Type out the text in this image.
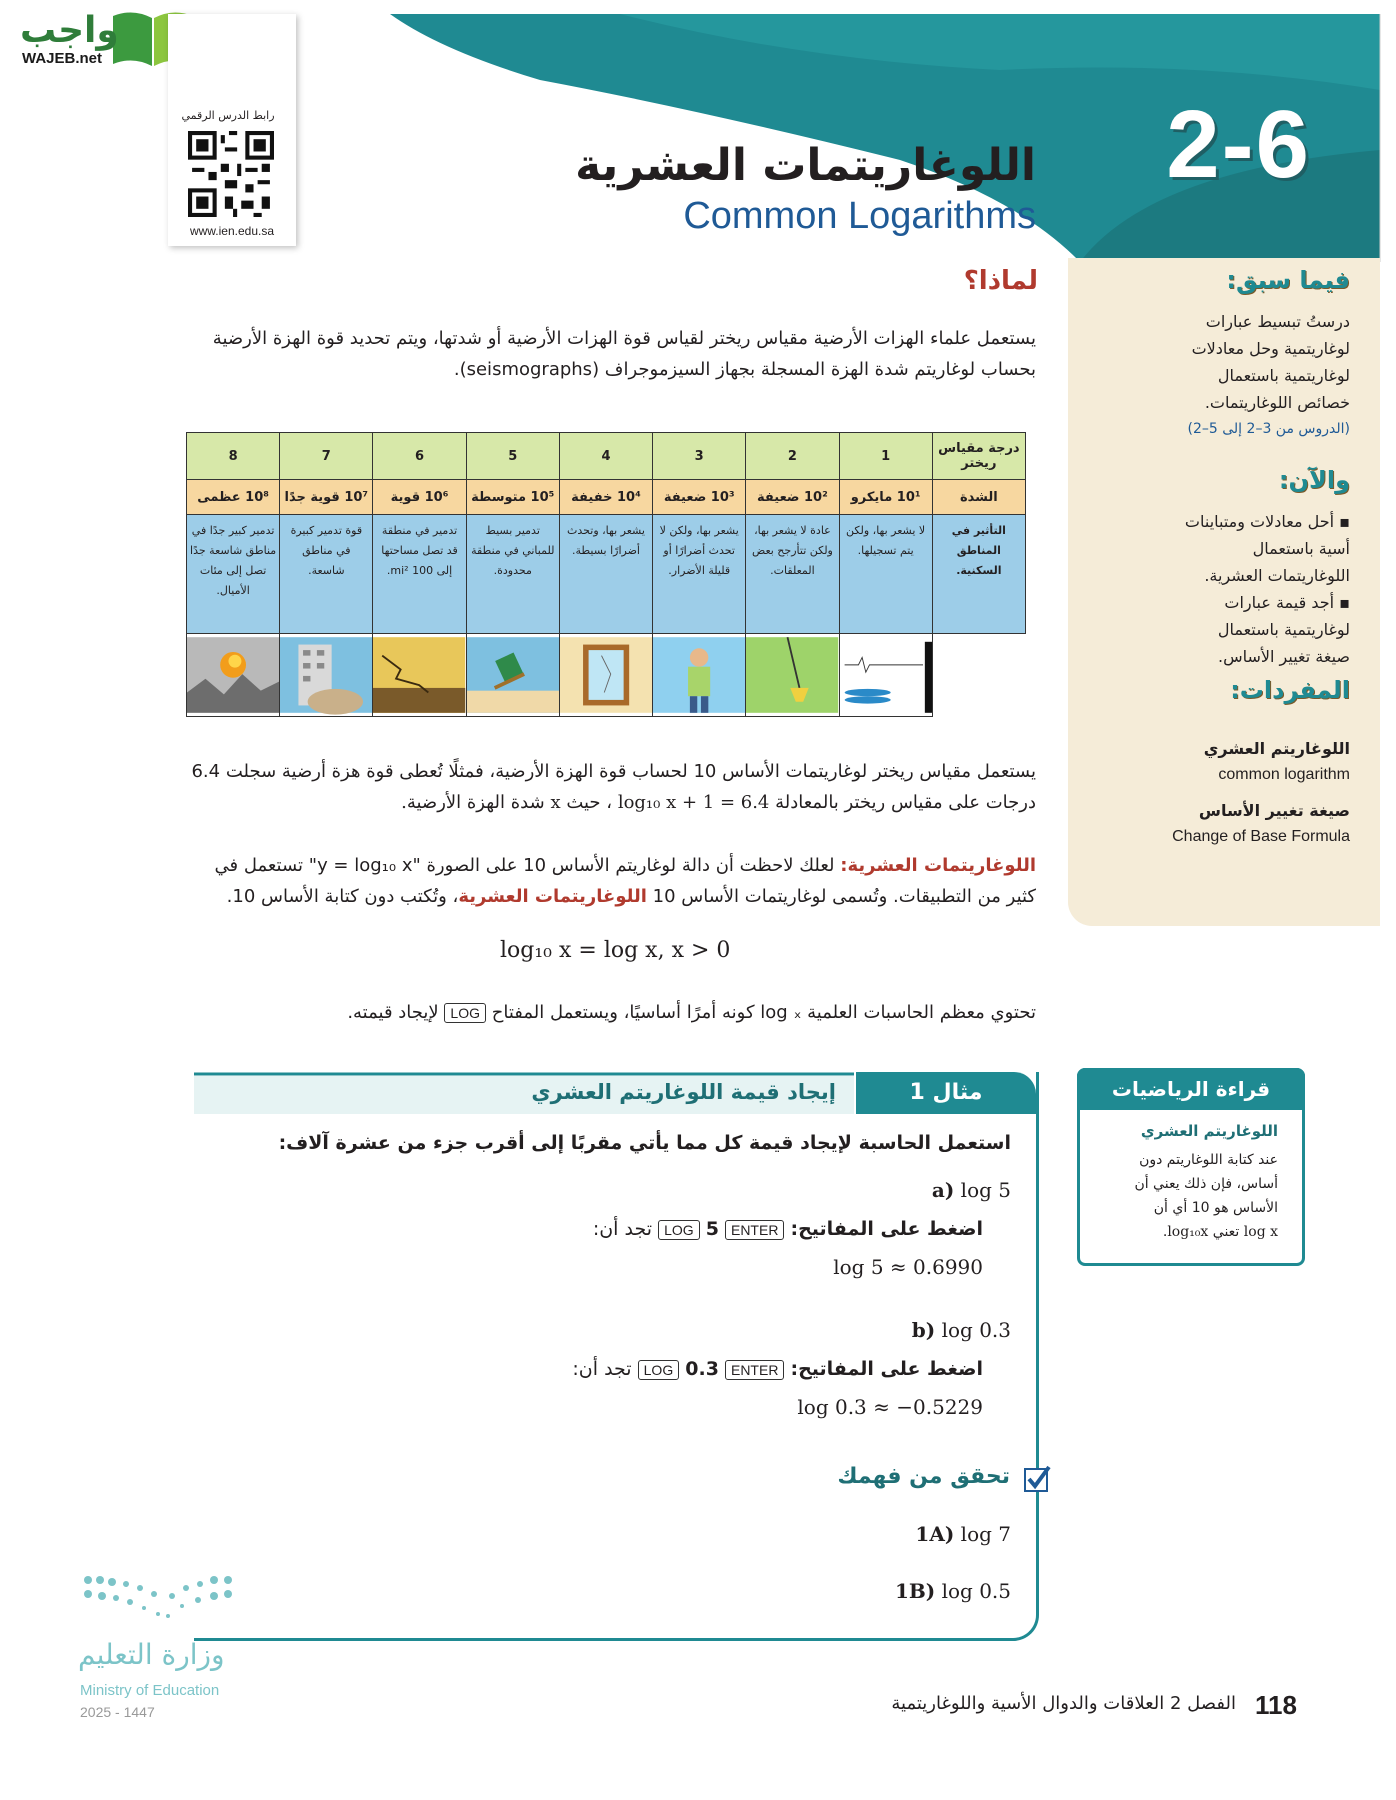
2-6
اللوغاريتمات العشرية
Common Logarithms
واجب
WAJEB.net
رابط الدرس الرقمي
www.ien.edu.sa
فيما سبق:
درستُ تبسيط عبارات
لوغاريتمية وحل معادلات
لوغاريتمية باستعمال
خصائص اللوغاريتمات.
(الدروس من 3–2 إلى 5–2)
والآن:
▪ أحل معادلات ومتباينات
أسية باستعمال
اللوغاريتمات العشرية.
▪ أجد قيمة عبارات
لوغاريتمية باستعمال
صيغة تغيير الأساس.
المفردات:
اللوغاريتم العشري
common logarithm
صيغة تغيير الأساس
Change of Base Formula
لماذا؟
يستعمل علماء الهزات الأرضية مقياس ريختر لقياس قوة الهزات الأرضية أو شدتها، ويتم تحديد قوة الهزة الأرضية بحساب لوغاريتم شدة الهزة المسجلة بجهاز السيزموجراف (seismographs).
8	7	6	5	4	3	2	1	درجة مقياس ريختر
10⁸ عظمى	10⁷ قوية جدًا	10⁶ قوية	10⁵ متوسطة	10⁴ خفيفة	10³ ضعيفة	10² ضعيفة	10¹ مايكرو	الشدة
تدمير كبير جدًا في مناطق شاسعة جدًا تصل إلى مئات الأميال.	قوة تدمير كبيرة في مناطق شاسعة.	تدمير في منطقة قد تصل مساحتها إلى 100 mi².	تدمير بسيط للمباني في منطقة محدودة.	يشعر بها، وتحدث أضرارًا بسيطة.	يشعر بها، ولكن لا تحدث أضرارًا أو قليلة الأضرار.	عادة لا يشعر بها، ولكن تتأرجح بعض المعلقات.	لا يشعر بها، ولكن يتم تسجيلها.	التأثير في المناطق السكنية.

يستعمل مقياس ريختر لوغاريتمات الأساس 10 لحساب قوة الهزة الأرضية، فمثلًا تُعطى قوة هزة أرضية سجلت 6.4
درجات على مقياس ريختر بالمعادلة 6.4 = 1 + log₁₀ x ، حيث x شدة الهزة الأرضية.
اللوغاريتمات العشرية: لعلك لاحظت أن دالة لوغاريتم الأساس 10 على الصورة "y = log₁₀ x" تستعمل في
كثير من التطبيقات. وتُسمى لوغاريتمات الأساس 10 اللوغاريتمات العشرية، وتُكتب دون كتابة الأساس 10.
log₁₀ x = log x, x > 0
تحتوي معظم الحاسبات العلمية log ₓ كونه أمرًا أساسيًا، ويستعمل المفتاح LOG لإيجاد قيمته.
مثال 1
إيجاد قيمة اللوغاريتم العشري
استعمل الحاسبة لإيجاد قيمة كل مما يأتي مقربًا إلى أقرب جزء من عشرة آلاف:
a) log 5
اضغط على المفاتيح: ENTER 5 LOG تجد أن:
log 5 ≈ 0.6990
b) log 0.3
اضغط على المفاتيح: ENTER 0.3 LOG تجد أن:
log 0.3 ≈ −0.5229
تحقق من فهمك
1A) log 7
1B) log 0.5
قراءة الرياضيات
اللوغاريتم العشري
عند كتابة اللوغاريتم دون
أساس، فإن ذلك يعني أن
الأساس هو 10 أي أن
log x تعني log₁₀x.
وزارة التعليم
Ministry of Education
2025 - 1447	118
الفصل 2 العلاقات والدوال الأسية واللوغاريتمية
